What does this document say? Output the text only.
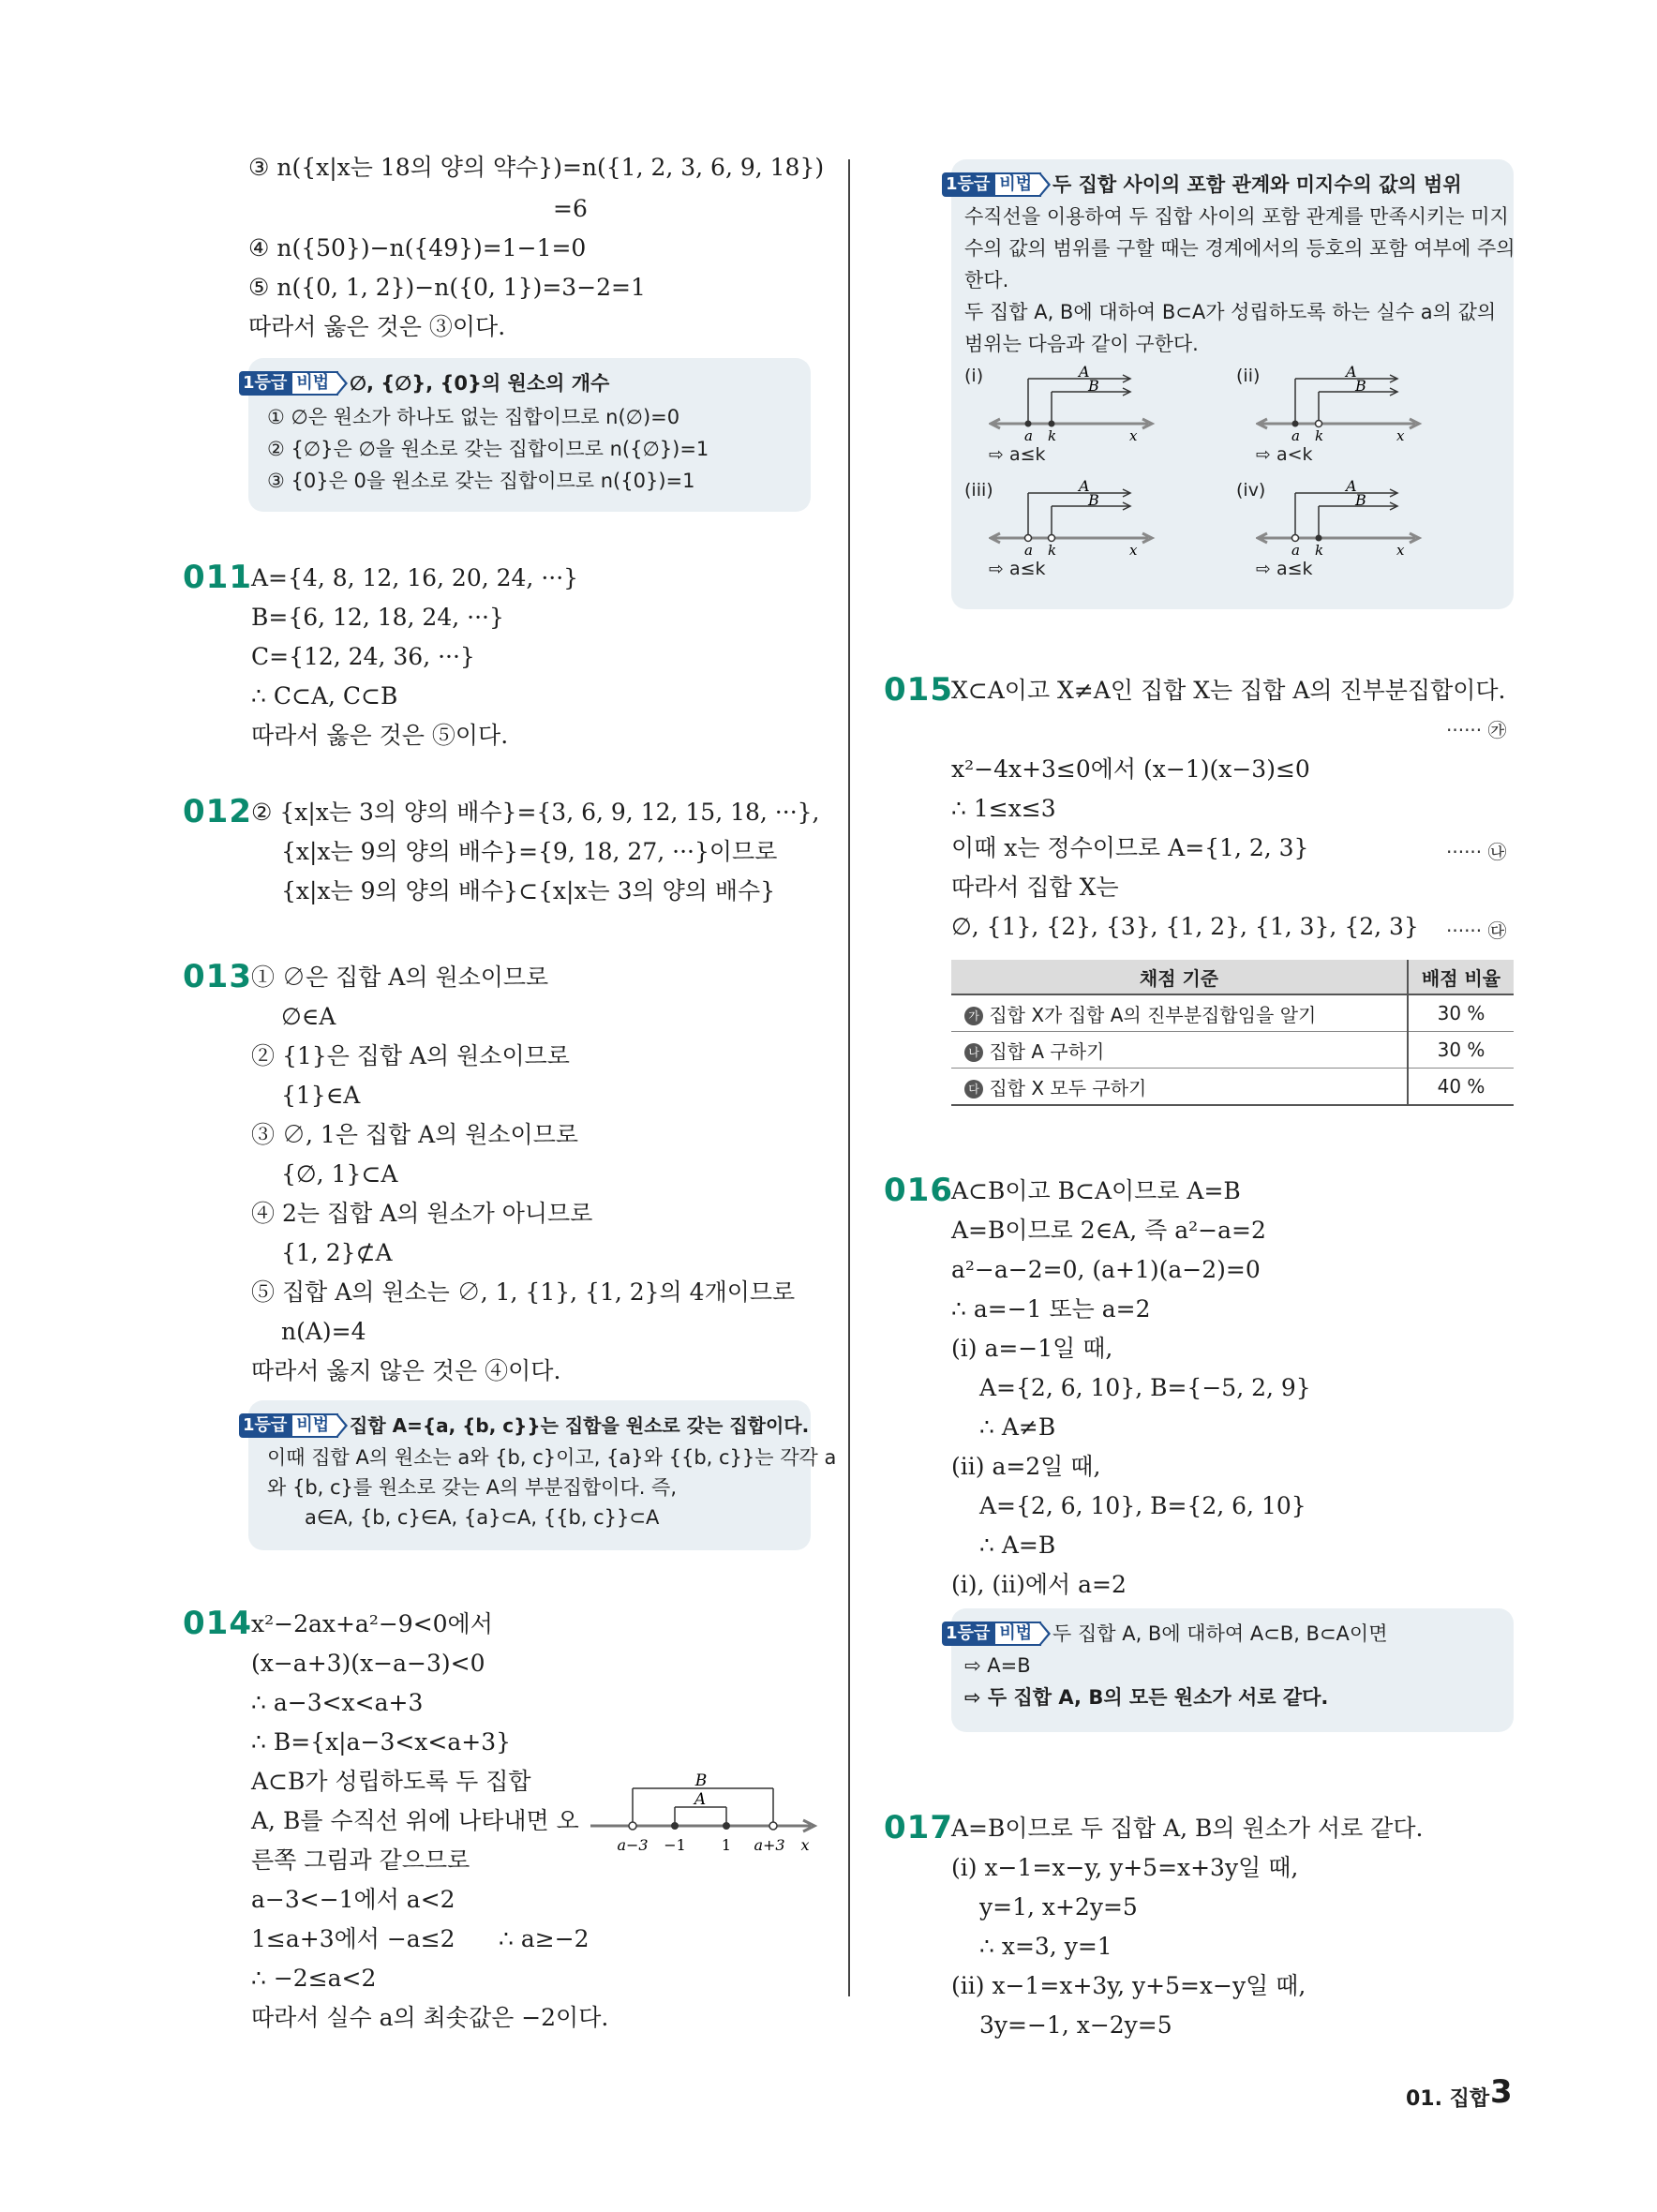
③ n({x|x는 18의 양의 약수})=n({1, 2, 3, 6, 9, 18})
=6
④ n({50})−n({49})=1−1=0
⑤ n({0, 1, 2})−n({0, 1})=3−2=1
따라서 옳은 것은 ③이다.
1등급 비법	∅, {∅}, {0}의 원소의 개수
① ∅은 원소가 하나도 없는 집합이므로 n(∅)=0
② {∅}은 ∅을 원소로 갖는 집합이므로 n({∅})=1
③ {0}은 0을 원소로 갖는 집합이므로 n({0})=1
011 A={4, 8, 12, 16, 20, 24, ···}
B={6, 12, 18, 24, ···}
C={12, 24, 36, ···}
∴ C⊂A, C⊂B
따라서 옳은 것은 ⑤이다.
012 ② {x|x는 3의 양의 배수}={3, 6, 9, 12, 15, 18, ···},
{x|x는 9의 양의 배수}={9, 18, 27, ···}이므로
{x|x는 9의 양의 배수}⊂{x|x는 3의 양의 배수}
013 ① ∅은 집합 A의 원소이므로
∅∈A
② {1}은 집합 A의 원소이므로
{1}∈A
③ ∅, 1은 집합 A의 원소이므로
{∅, 1}⊂A
④ 2는 집합 A의 원소가 아니므로
{1, 2}⊄A
⑤ 집합 A의 원소는 ∅, 1, {1}, {1, 2}의 4개이므로
n(A)=4
따라서 옳지 않은 것은 ④이다.
1등급 비법	집합 A={a, {b, c}}는 집합을 원소로 갖는 집합이다.
이때 집합 A의 원소는 a와 {b, c}이고, {a}와 {{b, c}}는 각각 a
와 {b, c}를 원소로 갖는 A의 부분집합이다. 즉,
a∈A, {b, c}∈A, {a}⊂A, {{b, c}}⊂A
014 x²−2ax+a²−9<0에서
(x−a+3)(x−a−3)<0
∴ a−3<x<a+3
∴ B={x|a−3<x<a+3}
A⊂B가 성립하도록 두 집합
A, B를 수직선 위에 나타내면 오
른쪽 그림과 같으므로
a−3<−1에서 a<2
1≤a+3에서 −a≤2 ∴ a≥−2
∴ −2≤a<2
따라서 실수 a의 최솟값은 −2이다.
B
A
a−3 −1 1 a+3 x
1등급 비법	두 집합 사이의 포함 관계와 미지수의 값의 범위
수직선을 이용하여 두 집합 사이의 포함 관계를 만족시키는 미지
수의 값의 범위를 구할 때는 경계에서의 등호의 포함 여부에 주의
한다.
두 집합 A, B에 대하여 B⊂A가 성립하도록 하는 실수 a의 값의
범위는 다음과 같이 구한다.
(i)	A
B
a k	x
⇨ a≤k
(ii)	A
B
a k	x
⇨ a<k
(iii)	A
B
a k	x
⇨ a≤k
(iv)	A
B
a k	x
⇨ a≤k
015
X⊂A이고 X≠A인 집합 X는 집합 A의 진부분집합이다.
······ ㉮
x²−4x+3≤0에서 (x−1)(x−3)≤0
∴ 1≤x≤3
이때 x는 정수이므로 A={1, 2, 3}	······ ㉯
따라서 집합 X는
∅, {1}, {2}, {3}, {1, 2}, {1, 3}, {2, 3} ······ ㉰
채점 기준	배점 비율
가 집합 X가 집합 A의 진부분집합임을 알기	30 %
나 집합 A 구하기	30 %
다 집합 X 모두 구하기	40 %
016
A⊂B이고 B⊂A이므로 A=B
A=B이므로 2∈A, 즉 a²−a=2
a²−a−2=0, (a+1)(a−2)=0
∴ a=−1 또는 a=2
(i) a=−1일 때,
A={2, 6, 10}, B={−5, 2, 9}
∴ A≠B
(ii) a=2일 때,
A={2, 6, 10}, B={2, 6, 10}
∴ A=B
(i), (ii)에서 a=2
1등급 비법	두 집합 A, B에 대하여 A⊂B, B⊂A이면
⇨ A=B
⇨ 두 집합 A, B의 모든 원소가 서로 같다.
017
A=B이므로 두 집합 A, B의 원소가 서로 같다.
(i) x−1=x−y, y+5=x+3y일 때,
y=1, x+2y=5
∴ x=3, y=1
(ii) x−1=x+3y, y+5=x−y일 때,
3y=−1, x−2y=5
01. 집합 3
